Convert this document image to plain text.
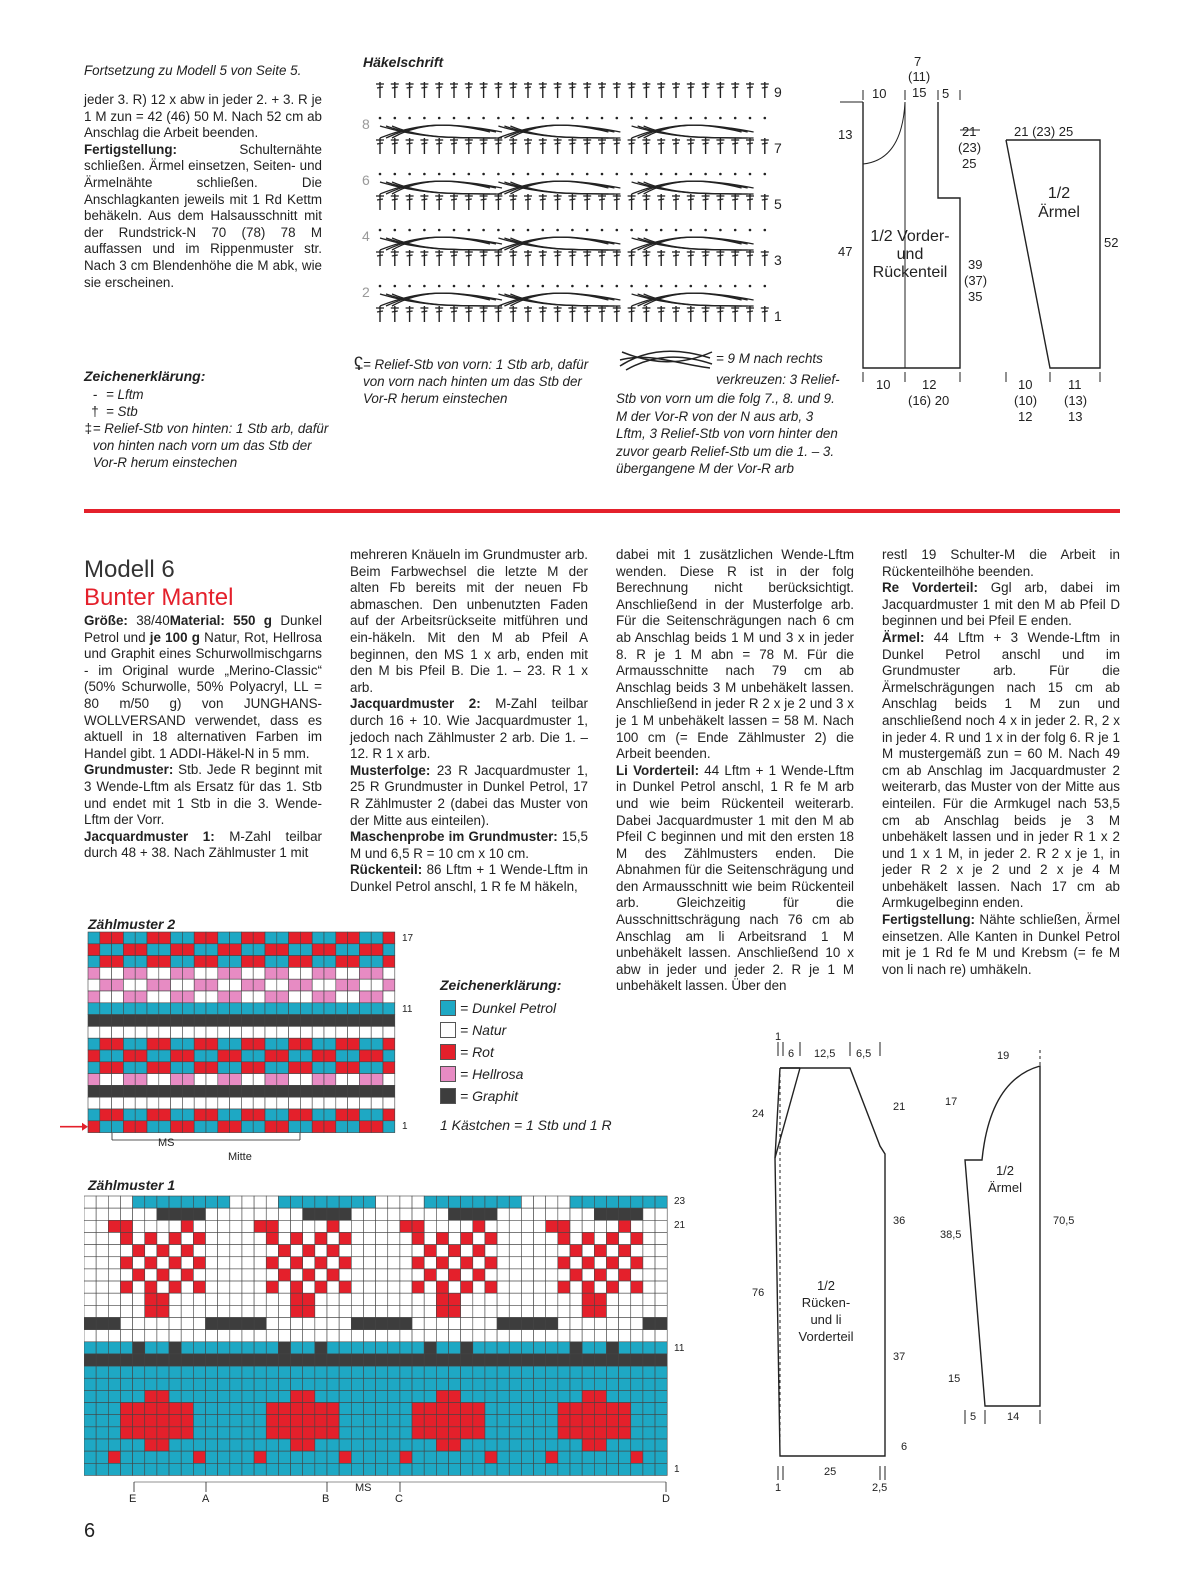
Fortsetzung zu Modell 5 von Seite 5.

jeder 3. R) 12 x abw in jeder 2. + 3. R je 1 M zun = 42 (46) 50 M. Nach 52 cm ab Anschlag die Arbeit beenden.

Fertigstellung: Schulternähte schließen. Ärmel einsetzen, Seiten- und Ärmelnähte schließen. Die Anschlagkanten jeweils mit 1 Rd Kettm behäkeln. Aus dem Halsausschnitt mit der Rundstrick-N 70 (78) 78 M auffassen und im Rippenmuster str. Nach 3 cm Blendenhöhe die M abk, wie sie erscheinen.

Häkelschrift
9
7
5
3
1
8
6
4
2
Zeichenerklärung:
- = Lftm
† = Stb
‡ = Relief-Stb von hinten: 1 Stb arb, dafür von hinten nach vorn um das Stb der Vor-R herum einstechen
ʢ = Relief-Stb von vorn: 1 Stb arb, dafür von vorn nach hinten um das Stb der Vor-R herum einstechen
= 9 M nach rechts
verkreuzen: 3 Relief-
Stb von vorn um die folg 7., 8. und 9. M der Vor-R von der N aus arb, 3 Lftm, 3 Relief-Stb von vorn hinter den zuvor gearb Relief-Stb um die 1. – 3. übergangene M der Vor-R arb
7
(11)
15
10	5
13
47
21
(23)
25
39
(37)
35
1/2 Vorder-
und
Rückenteil
10 12
(16) 20
21 (23) 25
1/2
Ärmel
52
10
(10)
12
11
(13)
13
Modell 6
Bunter Mantel

Größe: 38/40Material: 550 g Dunkel Petrol und je 100 g Natur, Rot, Hellrosa und Graphit eines Schurwollmischgarns - im Original wurde „Merino-Classic“ (50% Schurwolle, 50% Polyacryl, LL = 80 m/50 g) von JUNGHANS-WOLLVERSAND verwendet, dass es aktuell in 18 alternativen Farben im Handel gibt. 1 ADDI-Häkel-N in 5 mm.

Grundmuster: Stb. Jede R beginnt mit 3 Wende-Lftm als Ersatz für das 1. Stb und endet mit 1 Stb in die 3. Wende-Lftm der Vorr.

Jacquardmuster 1: M-Zahl teilbar durch 48 + 38. Nach Zählmuster 1 mit

mehreren Knäueln im Grundmuster arb. Beim Farbwechsel die letzte M der alten Fb bereits mit der neuen Fb abmaschen. Den unbenutzten Faden auf der Arbeitsrückseite mitführen und ein-häkeln. Mit den M ab Pfeil A beginnen, den MS 1 x arb, enden mit den M bis Pfeil B. Die 1. – 23. R 1 x arb.

Jacquardmuster 2: M-Zahl teilbar durch 16 + 10. Wie Jacquardmuster 1, jedoch nach Zählmuster 2 arb. Die 1. – 12. R 1 x arb.

Musterfolge: 23 R Jacquardmuster 1, 25 R Grundmuster in Dunkel Petrol, 17 R Zählmuster 2 (dabei das Muster von der Mitte aus einteilen).

Maschenprobe im Grundmuster: 15,5 M und 6,5 R = 10 cm x 10 cm.

Rückenteil: 86 Lftm + 1 Wende-Lftm in Dunkel Petrol anschl, 1 R fe M häkeln,

dabei mit 1 zusätzlichen Wende-Lftm wenden. Diese R ist in der folg Berechnung nicht berücksichtigt. Anschließend in der Musterfolge arb. Für die Seitenschrägungen nach 6 cm ab Anschlag beids 1 M und 3 x in jeder 8. R je 1 M abn = 78 M. Für die Armausschnitte nach 79 cm ab Anschlag beids 3 M unbehäkelt lassen. Anschließend in jeder R 2 x je 2 und 3 x je 1 M unbehäkelt lassen = 58 M. Nach 100 cm (= Ende Zählmuster 2) die Arbeit beenden.

Li Vorderteil: 44 Lftm + 1 Wende-Lftm in Dunkel Petrol anschl, 1 R fe M arb und wie beim Rückenteil weiterarb. Dabei Jacquardmuster 1 mit den M ab Pfeil C beginnen und mit den ersten 18 M des Zählmusters enden. Die Abnahmen für die Seitenschrägung und den Armausschnitt wie beim Rückenteil arb. Gleichzeitig für die Ausschnittschrägung nach 76 cm ab Anschlag am li Arbeitsrand 1 M unbehäkelt lassen. Anschließend 10 x abw in jeder und jeder 2. R je 1 M unbehäkelt lassen. Über den

restl 19 Schulter-M die Arbeit in Rückenteilhöhe beenden.

Re Vorderteil: Ggl arb, dabei im Jacquardmuster 1 mit den M ab Pfeil D beginnen und bei Pfeil E enden.

Ärmel: 44 Lftm + 3 Wende-Lftm in Dunkel Petrol anschl und im Grundmuster arb. Für die Ärmelschrägungen nach 15 cm ab Anschlag beids 1 M zun und anschließend noch 4 x in jeder 2. R, 2 x in jeder 4. R und 1 x in der folg 6. R je 1 M mustergemäß zun = 60 M. Nach 49 cm ab Anschlag im Jacquardmuster 2 weiterarb, das Muster von der Mitte aus einteilen. Für die Armkugel nach 53,5 cm ab Anschlag beids je 3 M unbehäkelt lassen und in jeder R 1 x 2 und 1 x 1 M, in jeder 2. R 2 x je 1, in jeder R 2 x je 2 und 2 x je 4 M unbehäkelt lassen. Nach 17 cm ab Armkugelbeginn enden.

Fertigstellung: Nähte schließen, Ärmel einsetzen. Alle Kanten in Dunkel Petrol mit je 1 Rd fe M und Krebsm (= fe M von li nach re) umhäkeln.

Zählmuster 2
17
11
1
MS
Mitte
Zeichenerklärung:
= Dunkel Petrol
= Natur
= Rot
= Hellrosa
= Graphit
1 Kästchen = 1 Stb und 1 R
Zählmuster 1
23
21
11
1
MS
E	A	B	C	D
1
6 12,5 6,5
24
21
36
76
37
6
25
1	2,5
1/2
Rücken-
und li
Vorderteil
19
17
38,5
70,5
15
5	14
1/2
Ärmel
6
